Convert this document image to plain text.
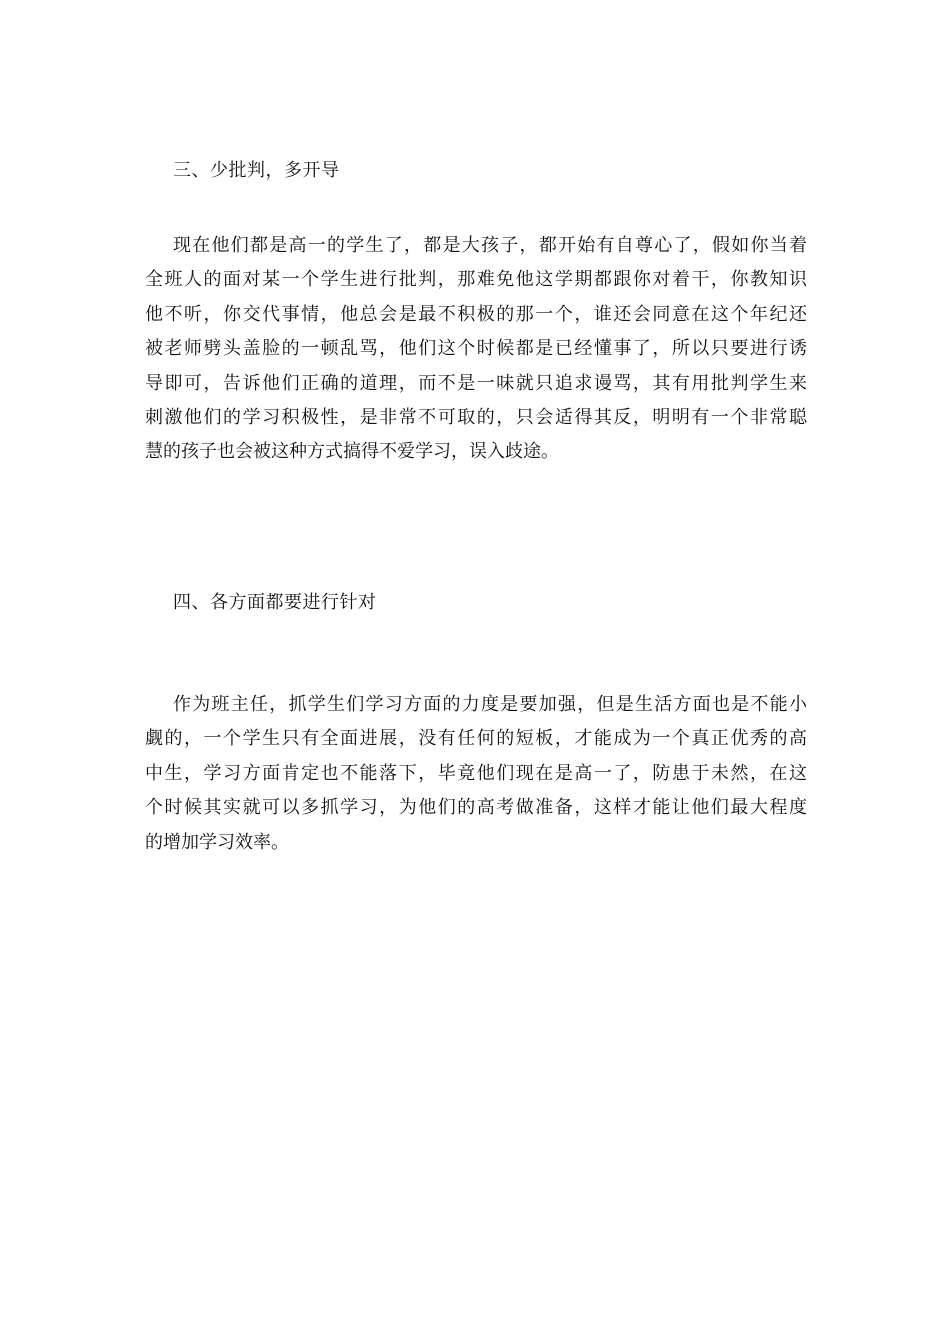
三、少批判，多开导
现在他们都是高一的学生了，都是大孩子，都开始有自尊心了，假如你当着
全班人的面对某一个学生进行批判，那难免他这学期都跟你对着干，你教知识
他不听，你交代事情，他总会是最不积极的那一个，谁还会同意在这个年纪还
被老师劈头盖脸的一顿乱骂，他们这个时候都是已经懂事了，所以只要进行诱
导即可，告诉他们正确的道理，而不是一味就只追求谩骂，其有用批判学生来
刺激他们的学习积极性，是非常不可取的，只会适得其反，明明有一个非常聪
慧的孩子也会被这种方式搞得不爱学习，误入歧途。
四、各方面都要进行针对
作为班主任，抓学生们学习方面的力度是要加强，但是生活方面也是不能小
觑的，一个学生只有全面进展，没有任何的短板，才能成为一个真正优秀的高
中生，学习方面肯定也不能落下，毕竟他们现在是高一了，防患于未然，在这
个时候其实就可以多抓学习，为他们的高考做准备，这样才能让他们最大程度
的增加学习效率。
